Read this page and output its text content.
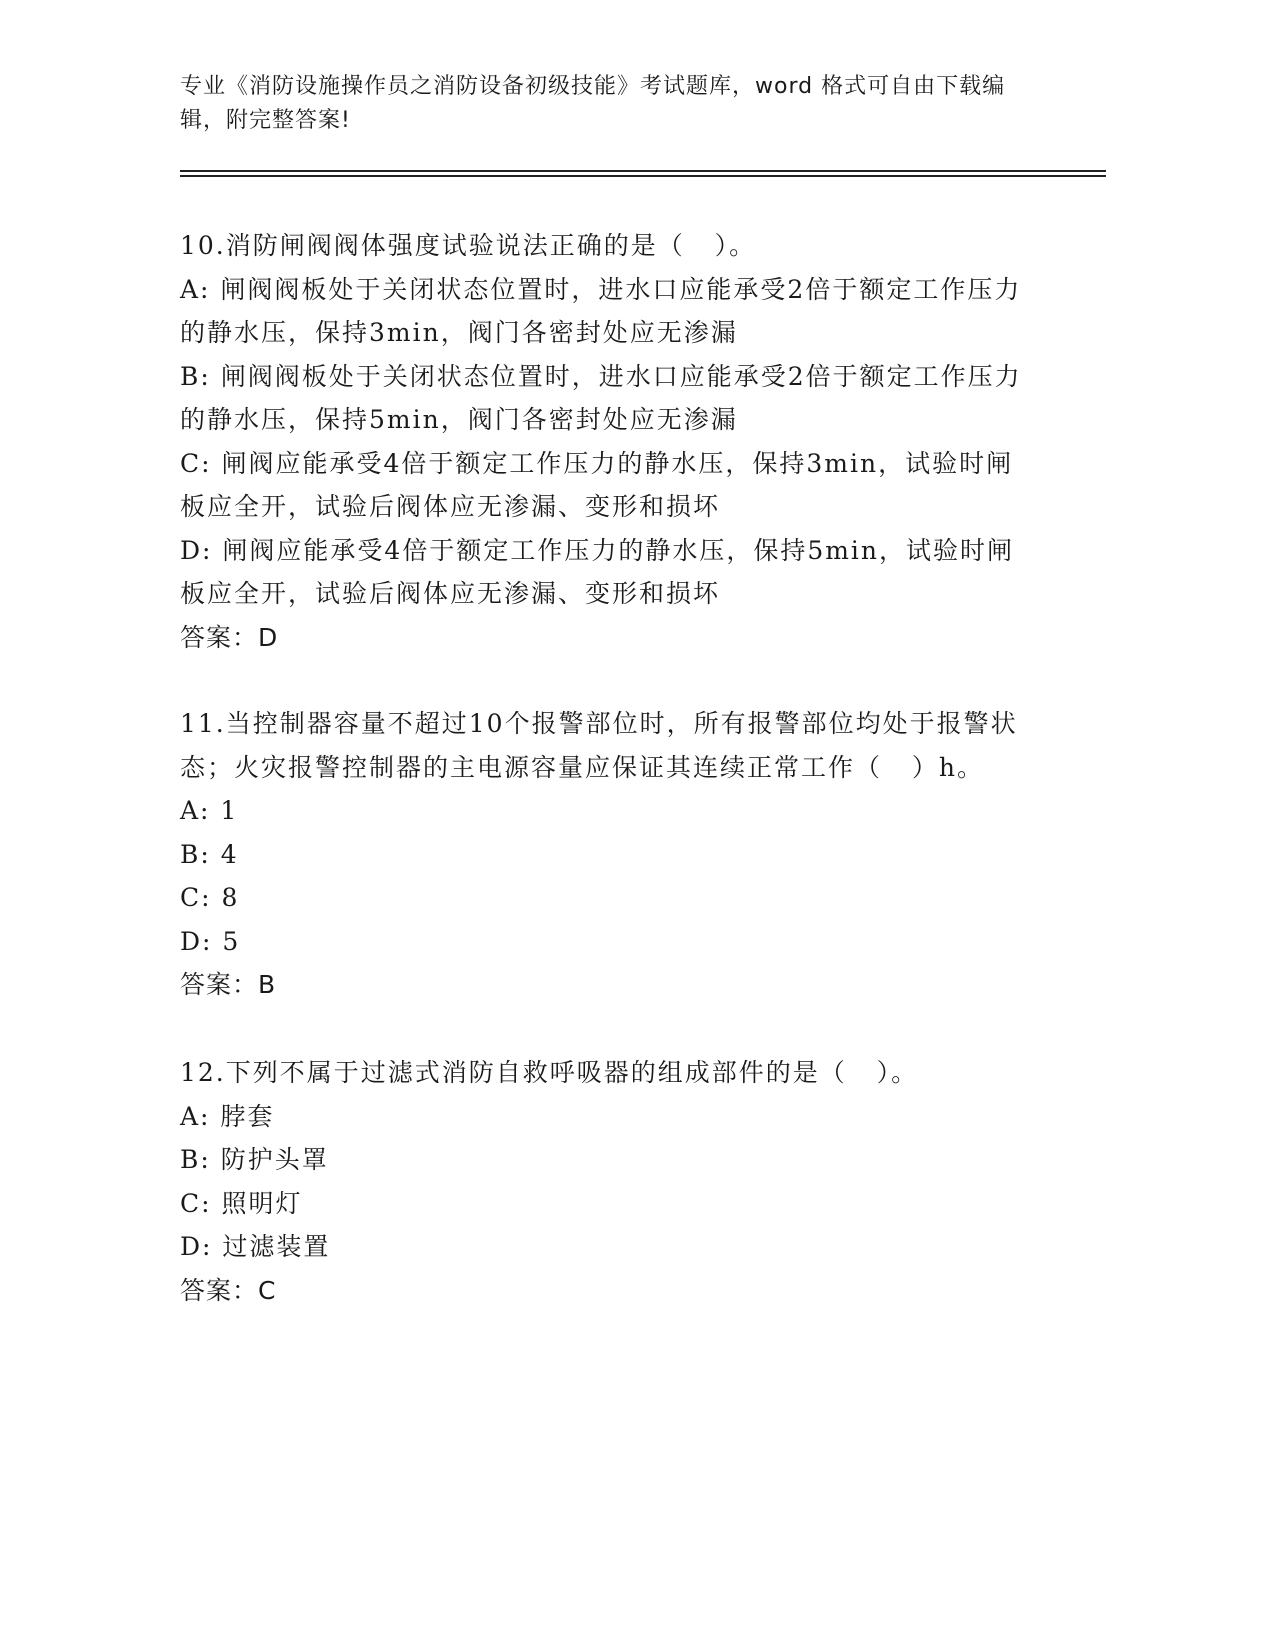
专业《消防设施操作员之消防设备初级技能》考试题库，word 格式可自由下载编辑，附完整答案!
10.消防闸阀阀体强度试验说法正确的是（   ）。
A: 闸阀阀板处于关闭状态位置时，进水口应能承受2倍于额定工作压力的静水压，保持3min，阀门各密封处应无渗漏
B: 闸阀阀板处于关闭状态位置时，进水口应能承受2倍于额定工作压力的静水压，保持5min，阀门各密封处应无渗漏
C: 闸阀应能承受4倍于额定工作压力的静水压，保持3min，试验时闸板应全开，试验后阀体应无渗漏、变形和损坏
D: 闸阀应能承受4倍于额定工作压力的静水压，保持5min，试验时闸板应全开，试验后阀体应无渗漏、变形和损坏
答案：D
11.当控制器容量不超过10个报警部位时，所有报警部位均处于报警状态；火灾报警控制器的主电源容量应保证其连续正常工作（   ）h。
A: 1
B: 4
C: 8
D: 5
答案：B
12.下列不属于过滤式消防自救呼吸器的组成部件的是（   ）。
A: 脖套
B: 防护头罩
C: 照明灯
D: 过滤装置
答案：C
